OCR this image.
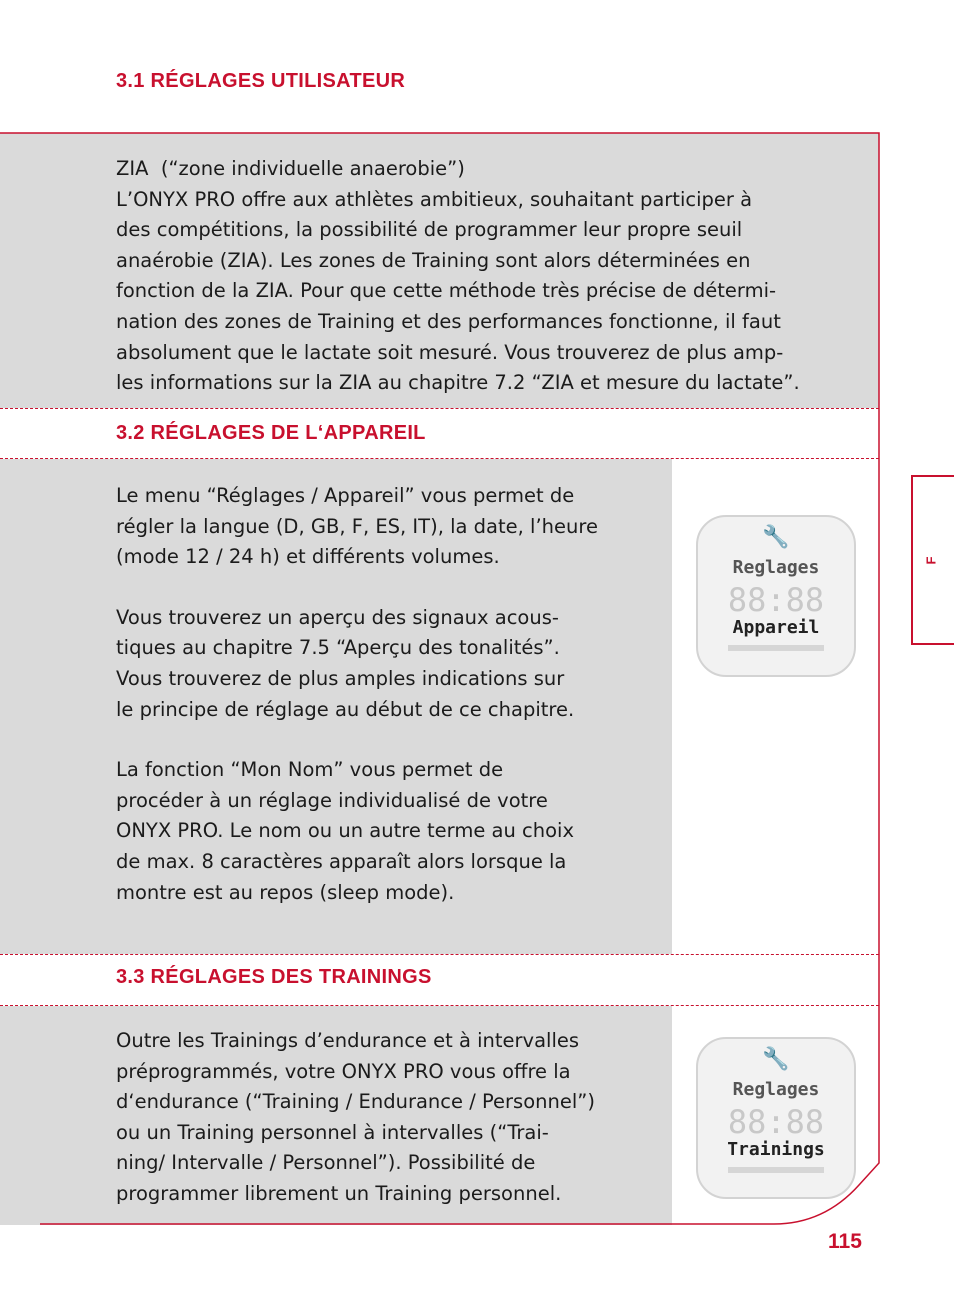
3.1 RÉGLAGES UTILISATEUR
ZIA  (“zone individuelle anaerobie”)
L’ONYX PRO offre aux athlètes ambitieux, souhaitant participer à
des compétitions, la possibilité de programmer leur propre seuil
anaérobie (ZIA). Les zones de Training sont alors déterminées en
fonction de la ZIA. Pour que cette méthode très précise de détermi-
nation des zones de Training et des performances fonctionne, il faut
absolument que le lactate soit mesuré. Vous trouverez de plus amp-
les informations sur la ZIA au chapitre 7.2 “ZIA et mesure du lactate”.
3.2 RÉGLAGES DE L‘APPAREIL
Le menu “Réglages / Appareil” vous permet de
régler la langue (D, GB, F, ES, IT), la date, l’heure
(mode 12 / 24 h) et différents volumes.
Vous trouverez un aperçu des signaux acous-
tiques au chapitre 7.5 “Aperçu des tonalités”.
Vous trouverez de plus amples indications sur
le principe de réglage au début de ce chapitre.
La fonction “Mon Nom” vous permet de
procéder à un réglage individualisé de votre
ONYX PRO. Le nom ou un autre terme au choix
de max. 8 caractères apparaît alors lorsque la
montre est au repos (sleep mode).
🔧
Reglages
88:88
Appareil
3.3 RÉGLAGES DES TRAININGS
Outre les Trainings d’endurance et à intervalles
préprogrammés, votre ONYX PRO vous offre la
d‘endurance (“Training / Endurance / Personnel”)
ou un Training personnel à intervalles (“Trai-
ning/ Intervalle / Personnel”). Possibilité de
programmer librement un Training personnel.
🔧
Reglages
88:88
Trainings
F
115
